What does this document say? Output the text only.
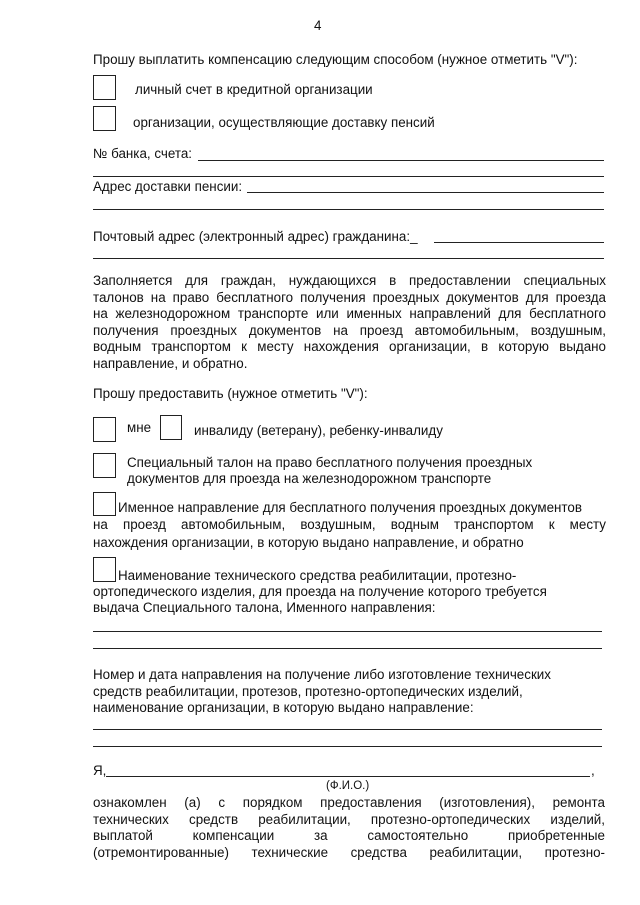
4
Прошу выплатить компенсацию следующим способом (нужное отметить "V"):
личный счет в кредитной организации
организации, осуществляющие доставку пенсий
№ банка, счета:
Адрес доставки пенсии:
Почтовый адрес (электронный адрес) гражданина:_
Заполняется для граждан, нуждающихся в предоставлении специальных
талонов на право бесплатного получения проездных документов для проезда
на железнодорожном транспорте или именных направлений для бесплатного
получения проездных документов на проезд автомобильным, воздушным,
водным транспортом к месту нахождения организации, в которую выдано
направление, и обратно.
Прошу предоставить (нужное отметить "V"):
мне	инвалиду (ветерану), ребенку-инвалиду
Специальный талон на право бесплатного получения проездных
документов для проезда на железнодорожном транспорте
Именное направление для бесплатного получения проездных документов
на проезд автомобильным, воздушным, водным транспортом к месту
нахождения организации, в которую выдано направление, и обратно
Наименование технического средства реабилитации, протезно-
ортопедического изделия, для проезда на получение которого требуется
выдача Специального талона, Именного направления:
Номер и дата направления на получение либо изготовление технических
средств реабилитации, протезов, протезно-ортопедических изделий,
наименование организации, в которую выдано направление:
Я,	,
(Ф.И.О.)
ознакомлен (а) с порядком предоставления (изготовления), ремонта
технических средств реабилитации, протезно-ортопедических изделий,
выплатой компенсации за самостоятельно приобретенные
(отремонтированные) технические средства реабилитации, протезно-
